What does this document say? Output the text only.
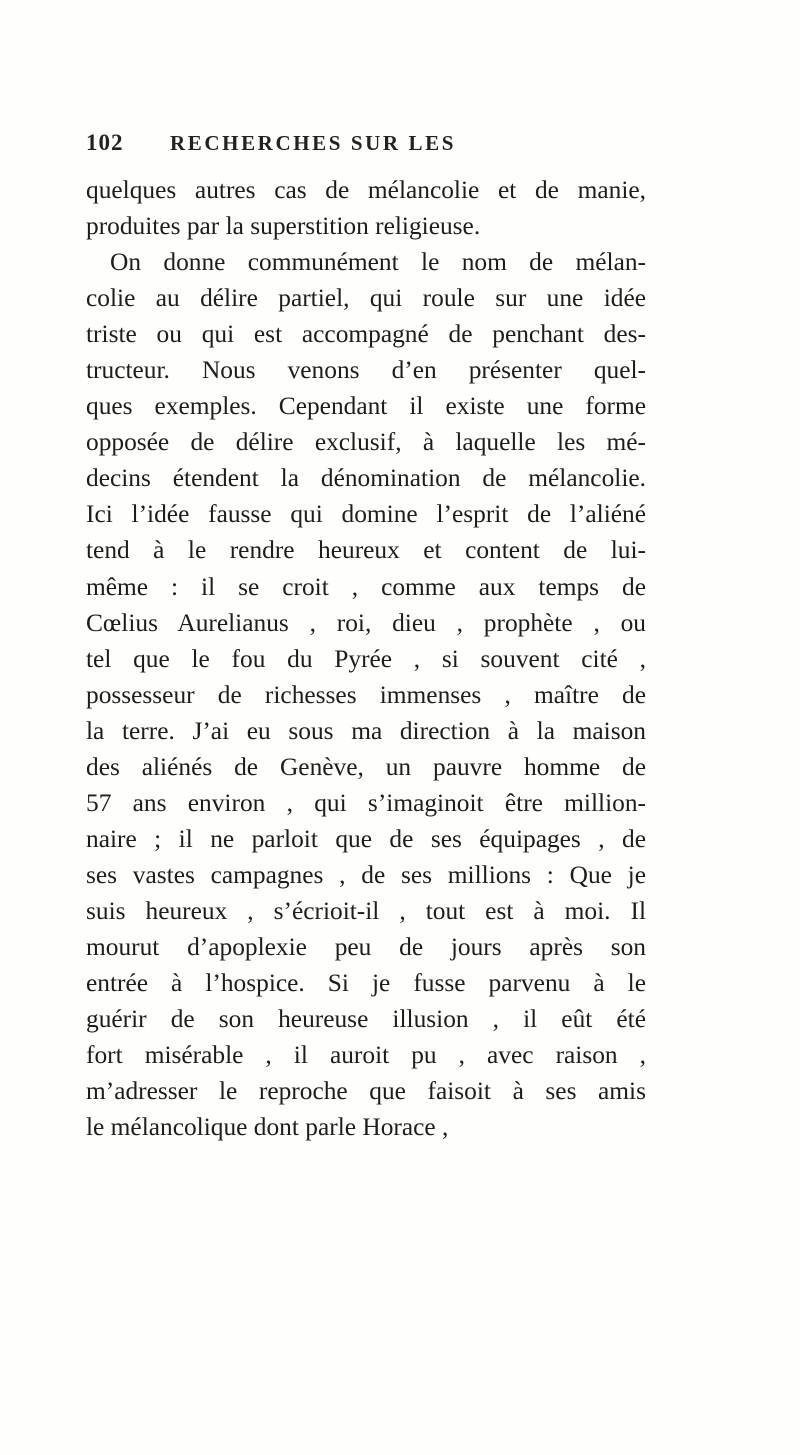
102	RECHERCHES SUR LES
quelques autres cas de mélancolie et de manie,
produites par la superstition religieuse.
On donne communément le nom de mélan-
colie au délire partiel, qui roule sur une idée
triste ou qui est accompagné de penchant des-
tructeur. Nous venons d’en présenter quel-
ques exemples. Cependant il existe une forme
opposée de délire exclusif, à laquelle les mé-
decins étendent la dénomination de mélancolie.
Ici l’idée fausse qui domine l’esprit de l’aliéné
tend à le rendre heureux et content de lui-
même : il se croit , comme aux temps de
Cœlius Aurelianus , roi, dieu , prophète , ou
tel que le fou du Pyrée , si souvent cité ,
possesseur de richesses immenses , maître de
la terre. J’ai eu sous ma direction à la maison
des aliénés de Genève, un pauvre homme de
57 ans environ , qui s’imaginoit être million-
naire ; il ne parloit que de ses équipages , de
ses vastes campagnes , de ses millions : Que je
suis heureux , s’écrioit-il , tout est à moi. Il
mourut d’apoplexie peu de jours après son
entrée à l’hospice. Si je fusse parvenu à le
guérir de son heureuse illusion , il eût été
fort misérable , il auroit pu , avec raison ,
m’adresser le reproche que faisoit à ses amis
le mélancolique dont parle Horace ,
